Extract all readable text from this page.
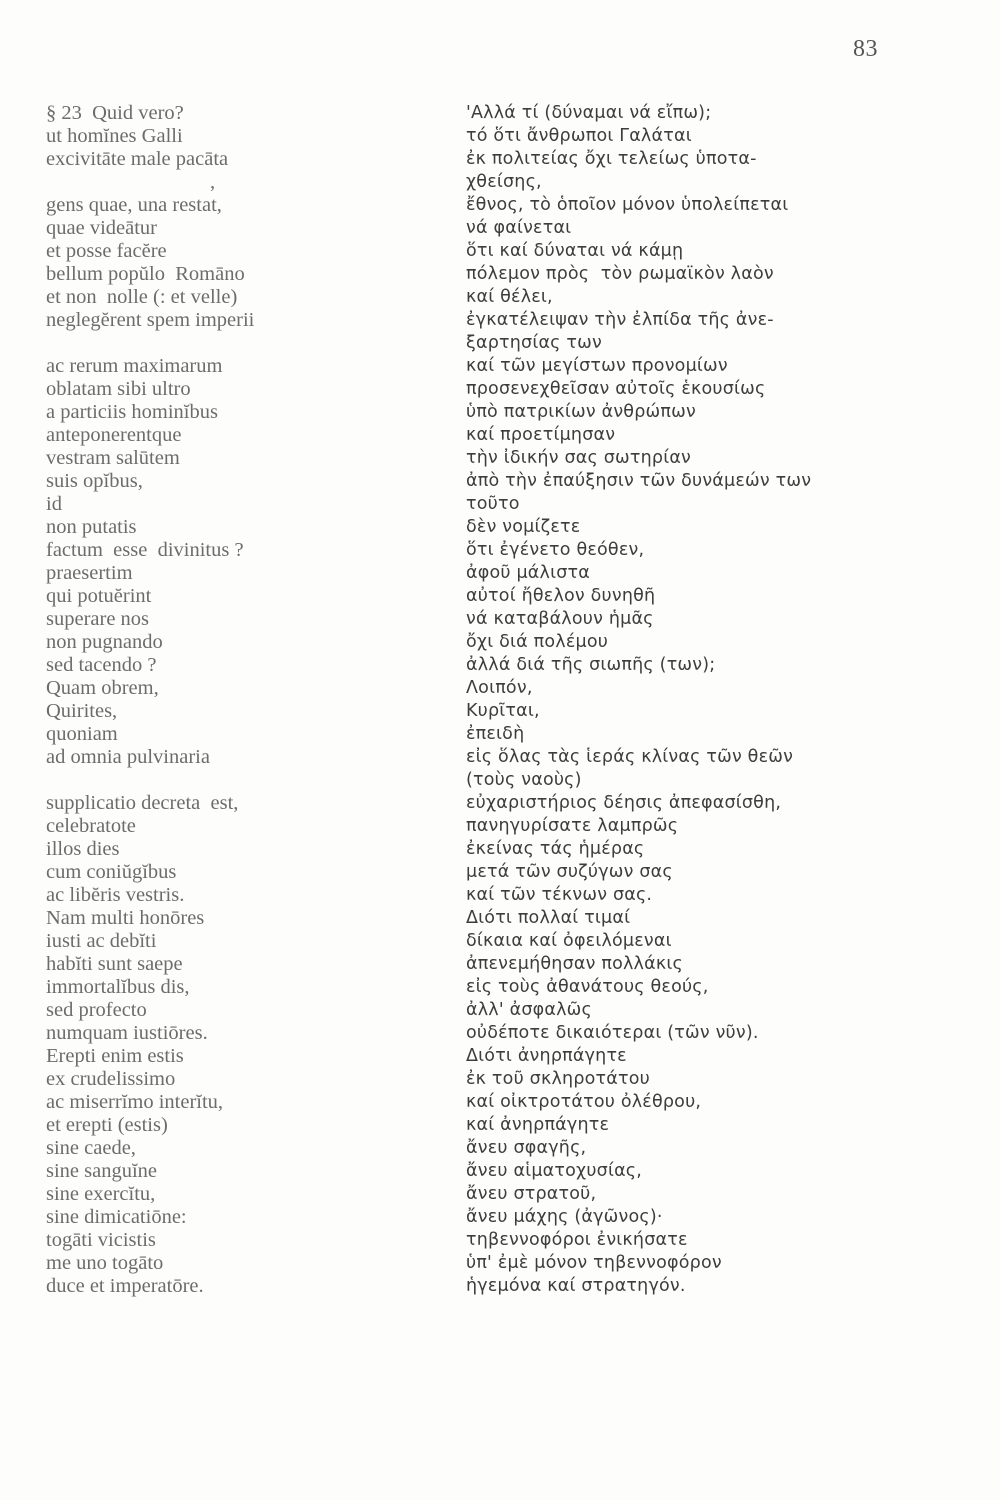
83
§ 23  Quid vero?
ut homĭnes Galli
excivitāte male pacāta
,
gens quae, una restat,
quae videātur
et posse facĕre
bellum popŭlo  Romāno
et non  nolle (: et velle)
neglegĕrent spem imperii
ac rerum maximarum
oblatam sibi ultro
a particiis hominĭbus
anteponerentque
vestram salūtem
suis opĭbus,
id
non putatis
factum  esse  divinitus ?
praesertim
qui potuĕrint
superare nos
non pugnando
sed tacendo ?
Quam obrem,
Quirites,
quoniam
ad omnia pulvinaria
supplicatio decreta  est,
celebratote
illos dies
cum coniŭgĭbus
ac libĕris vestris.
Nam multi honōres
iusti ac debĭti
habĭti sunt saepe
immortalĭbus dis,
sed profecto
numquam iustiōres.
Erepti enim estis
ex crudelissimo
ac miserrĭmo interĭtu,
et erepti (estis)
sine caede,
sine sanguĭne
sine exercĭtu,
sine dimicatiōne:
togāti vicistis
me uno togāto
duce et imperatōre.
'Αλλά τί (δύναμαι νά εἴπω);
τό ὅτι ἄνθρωποι Γαλάται
ἐκ πολιτείας ὄχι τελείως ὑποτα-
χθείσης,
ἔθνος, τὸ ὁποῖον μόνον ὑπολείπεται
νά φαίνεται
ὅτι καί δύναται νά κάμῃ
πόλεμον πρὸς  τὸν ρωμαϊκὸν λαὸν
καί θέλει,
ἐγκατέλειψαν τὴν ἐλπίδα τῆς ἀνε-
ξαρτησίας των
καί τῶν μεγίστων προνομίων
προσενεχθεῖσαν αὐτοῖς ἑκουσίως
ὑπὸ πατρικίων ἀνθρώπων
καί προετίμησαν
τὴν ἰδικήν σας σωτηρίαν
ἀπὸ τὴν ἐπαύξησιν τῶν δυνάμεών των
τοῦτο
δὲν νομίζετε
ὅτι ἐγένετο θεόθεν,
ἀφοῦ μάλιστα
αὐτοί ἤθελον δυνηθῆ
νά καταβάλουν ἡμᾶς
ὄχι διά πολέμου
ἀλλά διά τῆς σιωπῆς (των);
Λοιπόν,
Κυρῖται,
ἐπειδὴ
εἰς ὅλας τὰς ἱεράς κλίνας τῶν θεῶν
(τοὺς ναοὺς)
εὐχαριστήριος δέησις ἀπεφασίσθη,
πανηγυρίσατε λαμπρῶς
ἐκείνας τάς ἡμέρας
μετά τῶν συζύγων σας
καί τῶν τέκνων σας.
Διότι πολλαί τιμαί
δίκαια καί ὀφειλόμεναι
ἀπενεμήθησαν πολλάκις
εἰς τοὺς ἀθανάτους θεούς,
ἀλλ' ἀσφαλῶς
οὐδέποτε δικαιότεραι (τῶν νῦν).
Διότι ἀνηρπάγητε
ἐκ τοῦ σκληροτάτου
καί οἰκτροτάτου ὀλέθρου,
καί ἀνηρπάγητε
ἄνευ σφαγῆς,
ἄνευ αἱματοχυσίας,
ἄνευ στρατοῦ,
ἄνευ μάχης (ἀγῶνος)·
τηβεννοφόροι ἐνικήσατε
ὑπ' ἐμὲ μόνον τηβεννοφόρον
ἡγεμόνα καί στρατηγόν.
